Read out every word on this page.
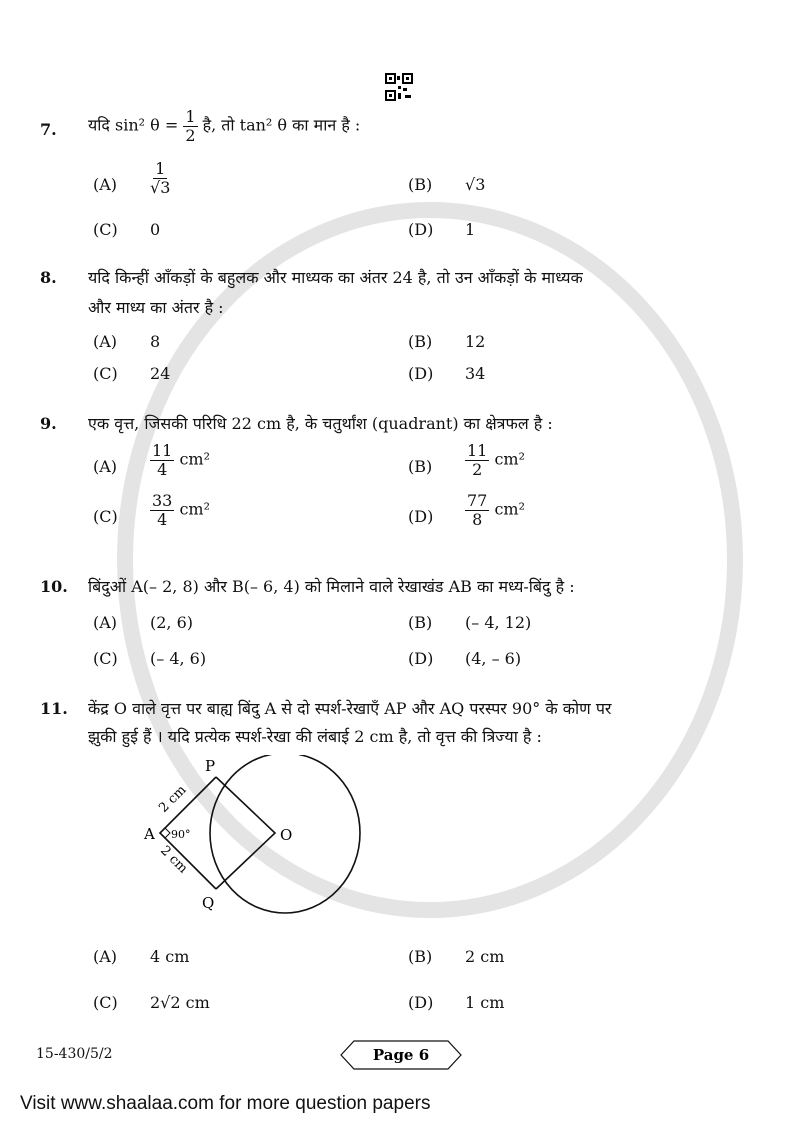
7. यदि sin² $\theta = \frac{1}{2}$ है, तो tan² θ का मान है :
$(A) \frac{1}{√3}$	(B) √3
(C) 0	(D) 1
8. यदि किन्हीं आँकड़ों के बहुलक और माध्यक का अंतर 24 है, तो उन आँकड़ों के माध्यक
और माध्य का अंतर है :
(A) 8	(B) 12
(C) 24	(D) 34
9. एक वृत्त, जिसकी परिधि 22 cm है, के चतुर्थांश (quadrant) का क्षेत्रफल है :
$(A) \frac{11}{4} cm^2$	$(B) \frac{11}{2} cm^2$
$(C) \frac{33}{4} cm^2$	$(D) \frac{77}{8} cm^2$
10. बिंदुओं A(– 2, 8) और B(– 6, 4) को मिलाने वाले रेखाखंड AB का मध्य-बिंदु है :
(A) (2, 6)	(B) (– 4, 12)
(C) (– 4, 6)	(D) (4, – 6)
11. केंद्र O वाले वृत्त पर बाह्य बिंदु A से दो स्पर्श-रेखाएँ AP और AQ परस्पर 90° के कोण पर
झुकी हुई हैं । यदि प्रत्येक स्पर्श-रेखा की लंबाई 2 cm है, तो वृत्त की त्रिज्या है :
P
A	O
Q
90°
2 cm
2 cm
(A) 4 cm	(B) 2 cm
(C) 2√2 cm	(D) 1 cm
15-430/5/2	Page 6
Visit www.shaalaa.com for more question papers
